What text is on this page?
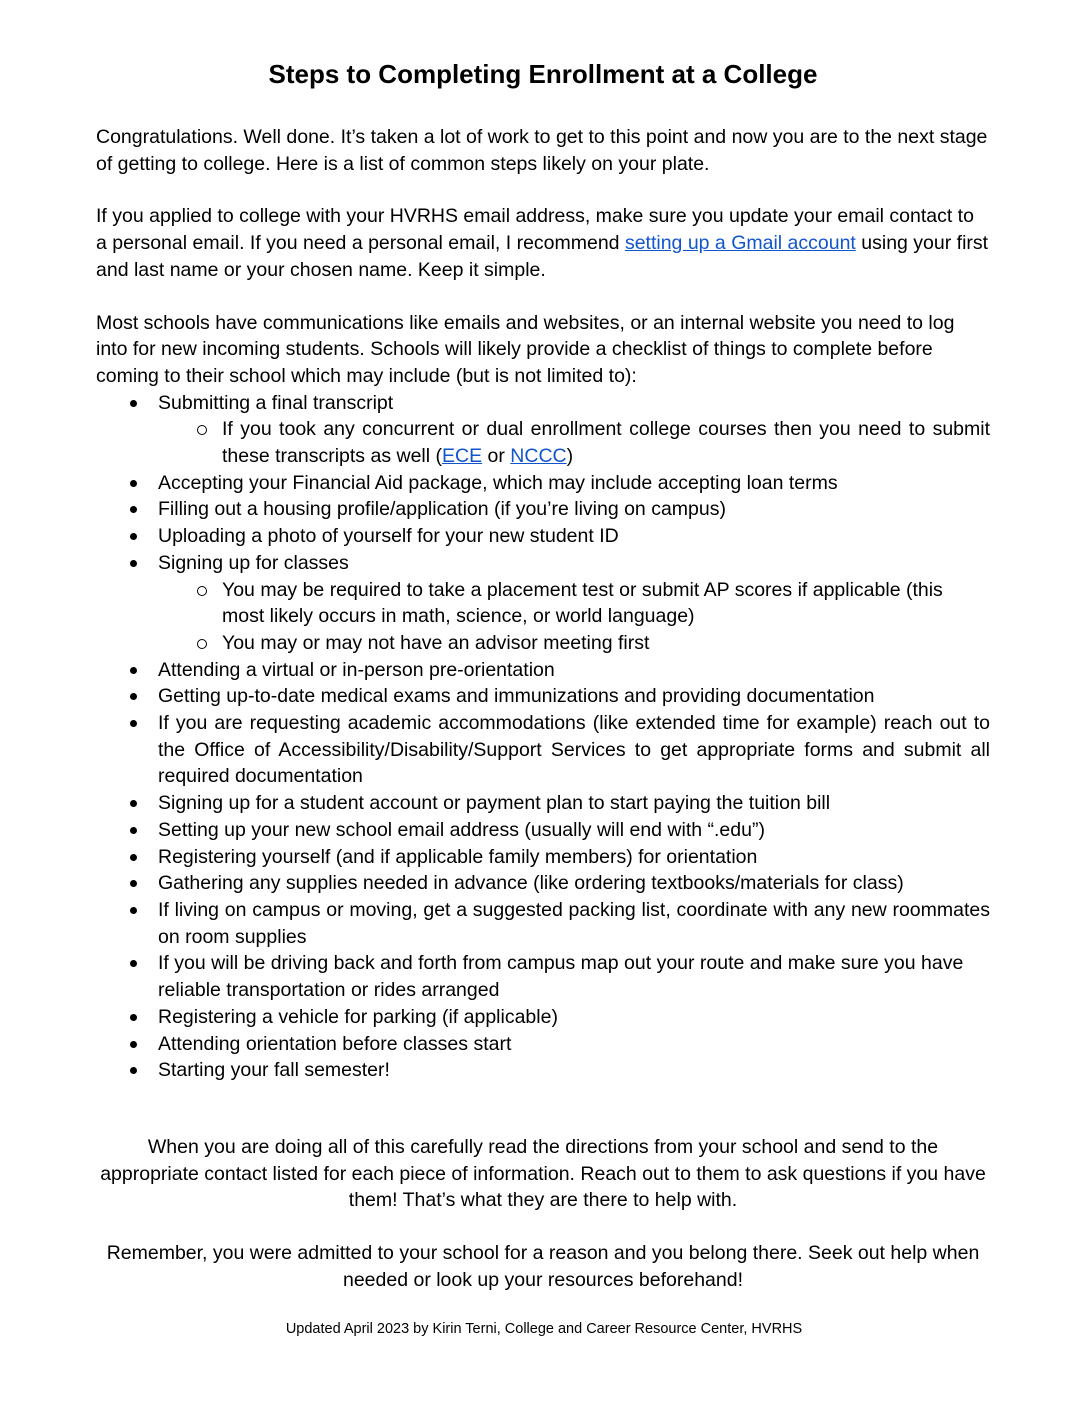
Steps to Completing Enrollment at a College

Congratulations. Well done. It’s taken a lot of work to get to this point and now you are to the next stage of getting to college. Here is a list of common steps likely on your plate.

If you applied to college with your HVRHS email address, make sure you update your email contact to a personal email. If you need a personal email, I recommend setting up a Gmail account using your first and last name or your chosen name. Keep it simple.

Most schools have communications like emails and websites, or an internal website you need to log into for new incoming students. Schools will likely provide a checklist of things to complete before coming to their school which may include (but is not limited to):

Submitting a final transcript
If you took any concurrent or dual enrollment college courses then you need to submit these transcripts as well (ECE or NCCC)
Accepting your Financial Aid package, which may include accepting loan terms
Filling out a housing profile/application (if you’re living on campus)
Uploading a photo of yourself for your new student ID
Signing up for classes
You may be required to take a placement test or submit AP scores if applicable (this most likely occurs in math, science, or world language)
You may or may not have an advisor meeting first
Attending a virtual or in-person pre-orientation
Getting up-to-date medical exams and immunizations and providing documentation
If you are requesting academic accommodations (like extended time for example) reach out to the Office of Accessibility/Disability/Support Services to get appropriate forms and submit all required documentation
Signing up for a student account or payment plan to start paying the tuition bill
Setting up your new school email address (usually will end with “.edu”)
Registering yourself (and if applicable family members) for orientation
Gathering any supplies needed in advance (like ordering textbooks/materials for class)
If living on campus or moving, get a suggested packing list, coordinate with any new roommates on room supplies
If you will be driving back and forth from campus map out your route and make sure you have reliable transportation or rides arranged
Registering a vehicle for parking (if applicable)
Attending orientation before classes start
Starting your fall semester!

When you are doing all of this carefully read the directions from your school and send to the appropriate contact listed for each piece of information. Reach out to them to ask questions if you have them! That’s what they are there to help with.

Remember, you were admitted to your school for a reason and you belong there. Seek out help when needed or look up your resources beforehand!

Updated April 2023 by Kirin Terni, College and Career Resource Center, HVRHS
